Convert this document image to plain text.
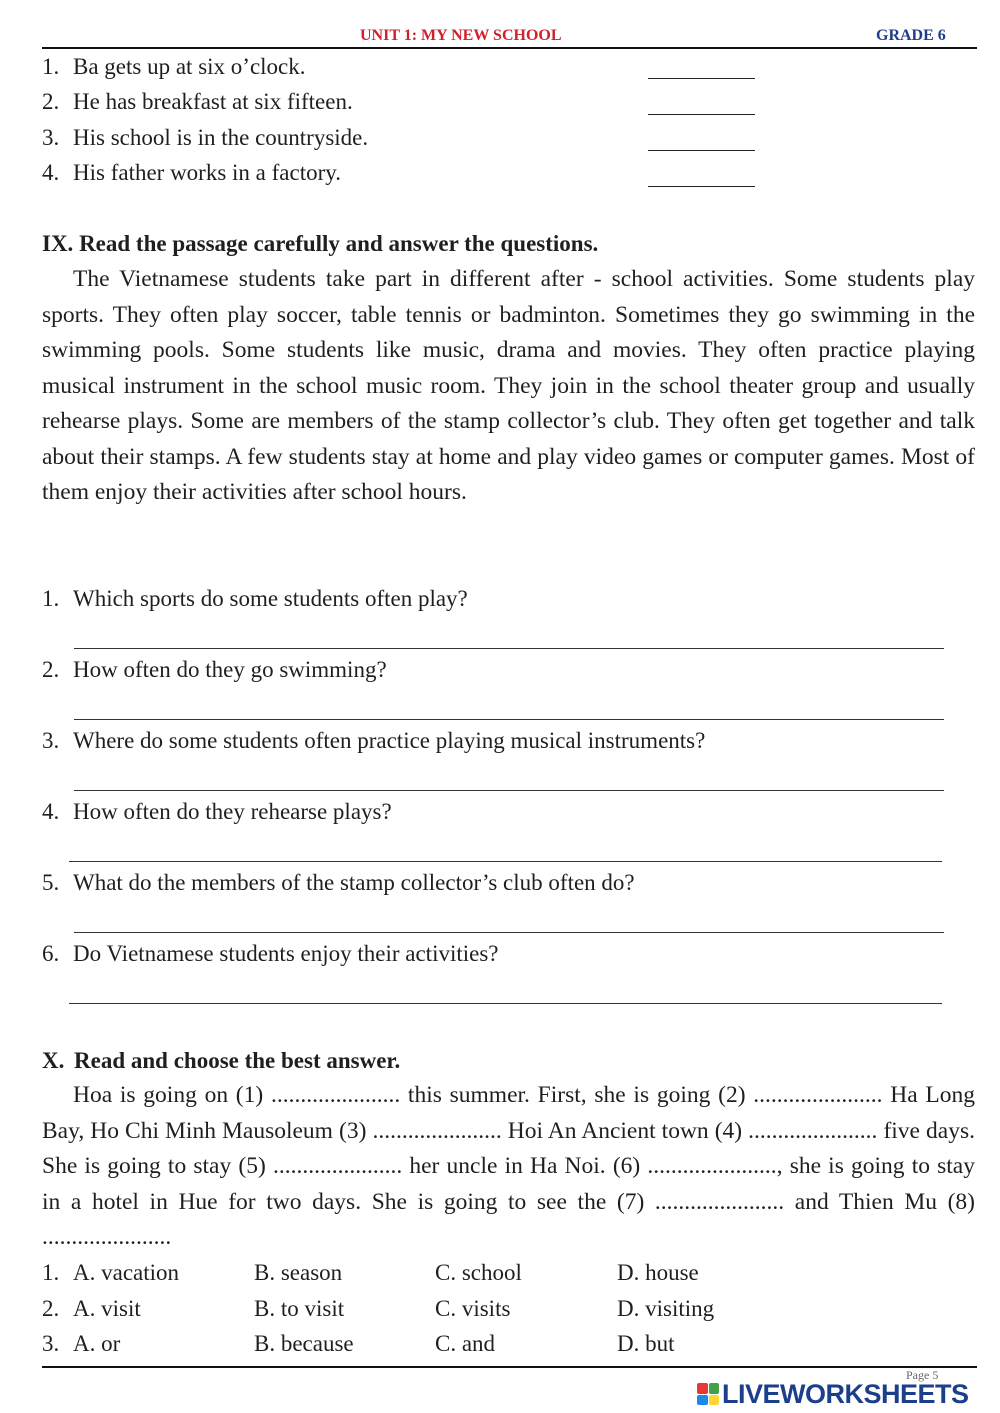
UNIT 1: MY NEW SCHOOL	GRADE 6
1. Ba gets up at six o’clock.
2. He has breakfast at six fifteen.
3. His school is in the countryside.
4. His father works in a factory.
IX. Read the passage carefully and answer the questions.
The Vietnamese students take part in different after - school activities. Some students play sports. They often play soccer, table tennis or badminton. Sometimes they go swimming in the swimming pools. Some students like music, drama and movies. They often practice playing musical instrument in the school music room. They join in the school theater group and usually rehearse plays. Some are members of the stamp collector’s club. They often get together and talk about their stamps. A few students stay at home and play video games or computer games. Most of them enjoy their activities after school hours.
1. Which sports do some students often play?
2. How often do they go swimming?
3. Where do some students often practice playing musical instruments?
4. How often do they rehearse plays?
5. What do the members of the stamp collector’s club often do?
6. Do Vietnamese students enjoy their activities?
X. Read and choose the best answer.
Hoa is going on (1) ...................... this summer. First, she is going (2) ...................... Ha Long Bay, Ho Chi Minh Mausoleum (3) ...................... Hoi An Ancient town (4) ...................... five days. She is going to stay (5) ...................... her uncle in Ha Noi. (6) ......................, she is going to stay in a hotel in Hue for two days. She is going to see the (7) ...................... and Thien Mu (8) ......................
1. A. vacation	B. season	C. school	D. house
2. A. visit	B. to visit	C. visits	D. visiting
3. A. or	B. because	C. and	D. but
Page 5
LIVEWORKSHEETS
